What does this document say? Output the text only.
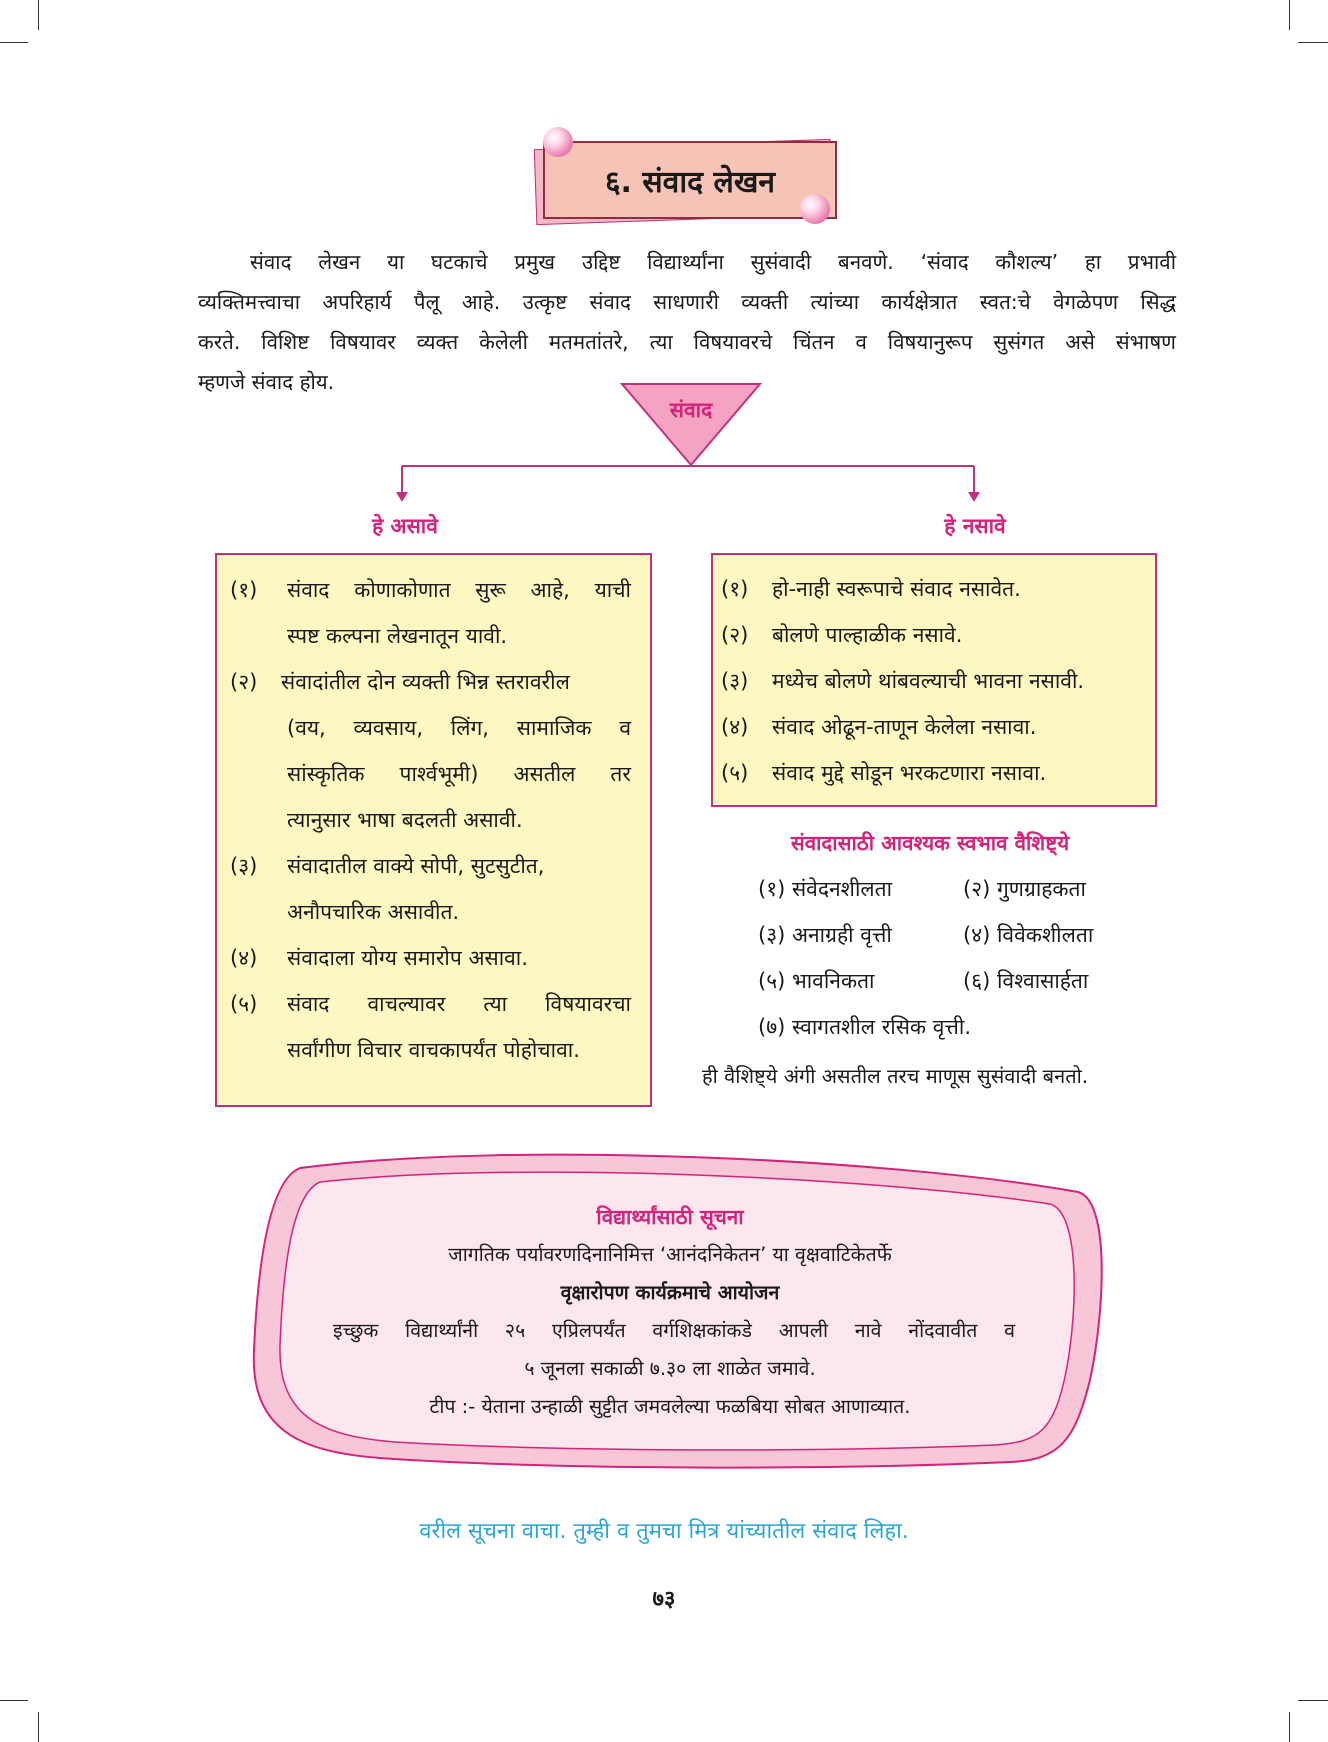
६. संवाद लेखन
संवाद लेखन या घटकाचे प्रमुख उद्दिष्ट विद्यार्थ्यांना सुसंवादी बनवणे. ‘संवाद कौशल्य’ हा प्रभावी
व्यक्तिमत्त्वाचा अपरिहार्य पैलू आहे. उत्कृष्ट संवाद साधणारी व्यक्ती त्यांच्या कार्यक्षेत्रात स्वत:चे वेगळेपण सिद्ध
करते. विशिष्ट विषयावर व्यक्त केलेली मतमतांतरे, त्या विषयावरचे चिंतन व विषयानुरूप सुसंगत असे संभाषण
म्हणजे संवाद होय.
संवाद
हे असावे	हे नसावे
(१) संवाद कोणाकोणात सुरू आहे, याची
स्पष्ट कल्पना लेखनातून यावी.
(२) संवादांतील दोन व्यक्ती भिन्न स्तरावरील
(वय, व्यवसाय, लिंग, सामाजिक व
सांस्कृतिक पार्श्वभूमी) असतील तर
त्यानुसार भाषा बदलती असावी.
(३) संवादातील वाक्ये सोपी, सुटसुटीत,
अनौपचारिक असावीत.
(४) संवादाला योग्य समारोप असावा.
(५) संवाद वाचल्यावर त्या विषयावरचा
सर्वांगीण विचार वाचकापर्यंत पोहोचावा.
(१) हो-नाही स्वरूपाचे संवाद नसावेत.
(२) बोलणे पाल्हाळीक नसावे.
(३) मध्येच बोलणे थांबवल्याची भावना नसावी.
(४) संवाद ओढून-ताणून केलेला नसावा.
(५) संवाद मुद्दे सोडून भरकटणारा नसावा.
संवादासाठी आवश्यक स्वभाव वैशिष्ट्ये
(१) संवेदनशीलता	(२) गुणग्राहकता
(३) अनाग्रही वृत्ती	(४) विवेकशीलता
(५) भावनिकता	(६) विश्वासार्हता
(७) स्वागतशील रसिक वृत्ती.
ही वैशिष्ट्ये अंगी असतील तरच माणूस सुसंवादी बनतो.
विद्यार्थ्यांसाठी सूचना
जागतिक पर्यावरणदिनानिमित्त ‘आनंदनिकेतन’ या वृक्षवाटिकेतर्फे
वृक्षारोपण कार्यक्रमाचे आयोजन
इच्छुक विद्यार्थ्यांनी २५ एप्रिलपर्यंत वर्गशिक्षकांकडे आपली नावे नोंदवावीत व
५ जूनला सकाळी ७.३० ला शाळेत जमावे.
टीप :- येताना उन्हाळी सुट्टीत जमवलेल्या फळबिया सोबत आणाव्यात.
वरील सूचना वाचा. तुम्ही व तुमचा मित्र यांच्यातील संवाद लिहा.
७३
